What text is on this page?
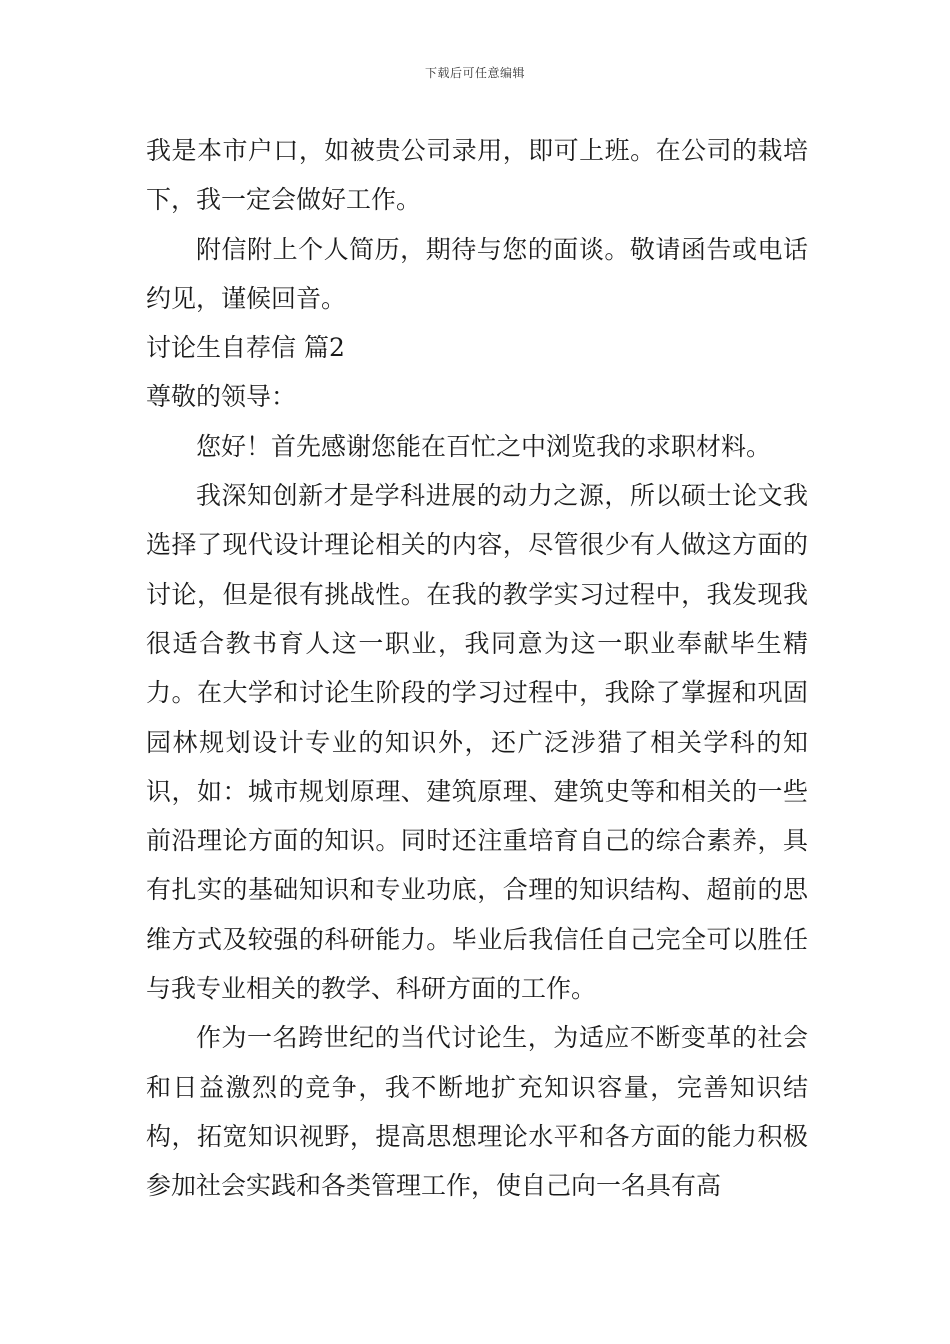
下载后可任意编辑

我是本市户口，如被贵公司录用，即可上班。在公司的栽培下，我一定会做好工作。

附信附上个人简历，期待与您的面谈。敬请函告或电话约见，谨候回音。

讨论生自荐信 篇2

尊敬的领导：

您好！首先感谢您能在百忙之中浏览我的求职材料。

我深知创新才是学科进展的动力之源，所以硕士论文我选择了现代设计理论相关的内容，尽管很少有人做这方面的讨论，但是很有挑战性。在我的教学实习过程中，我发现我很适合教书育人这一职业，我同意为这一职业奉献毕生精力。在大学和讨论生阶段的学习过程中，我除了掌握和巩固园林规划设计专业的知识外，还广泛涉猎了相关学科的知识，如：城市规划原理、建筑原理、建筑史等和相关的一些前沿理论方面的知识。同时还注重培育自己的综合素养，具有扎实的基础知识和专业功底，合理的知识结构、超前的思维方式及较强的科研能力。毕业后我信任自己完全可以胜任与我专业相关的教学、科研方面的工作。

作为一名跨世纪的当代讨论生，为适应不断变革的社会和日益激烈的竞争，我不断地扩充知识容量，完善知识结构，拓宽知识视野，提高思想理论水平和各方面的能力积极参加社会实践和各类管理工作，使自己向一名具有高
